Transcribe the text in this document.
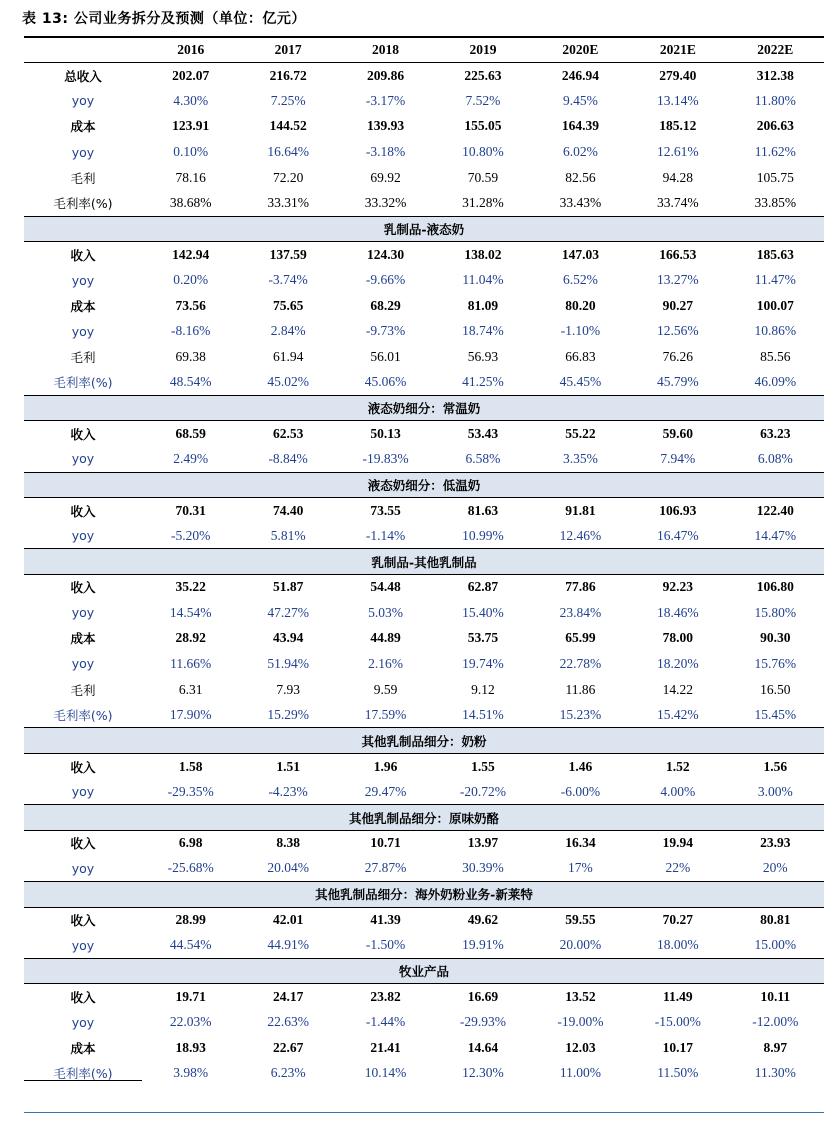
表 13: 公司业务拆分及预测（单位：亿元）
	2016	2017	2018	2019	2020E	2021E	2022E
总收入	202.07	216.72	209.86	225.63	246.94	279.40	312.38
yoy	4.30%	7.25%	-3.17%	7.52%	9.45%	13.14%	11.80%
成本	123.91	144.52	139.93	155.05	164.39	185.12	206.63
yoy	0.10%	16.64%	-3.18%	10.80%	6.02%	12.61%	11.62%
毛利	78.16	72.20	69.92	70.59	82.56	94.28	105.75
毛利率(%)	38.68%	33.31%	33.32%	31.28%	33.43%	33.74%	33.85%
乳制品-液态奶							
收入	142.94	137.59	124.30	138.02	147.03	166.53	185.63
yoy	0.20%	-3.74%	-9.66%	11.04%	6.52%	13.27%	11.47%
成本	73.56	75.65	68.29	81.09	80.20	90.27	100.07
yoy	-8.16%	2.84%	-9.73%	18.74%	-1.10%	12.56%	10.86%
毛利	69.38	61.94	56.01	56.93	66.83	76.26	85.56
毛利率(%)	48.54%	45.02%	45.06%	41.25%	45.45%	45.79%	46.09%
液态奶细分：常温奶							
收入	68.59	62.53	50.13	53.43	55.22	59.60	63.23
yoy	2.49%	-8.84%	-19.83%	6.58%	3.35%	7.94%	6.08%
液态奶细分：低温奶							
收入	70.31	74.40	73.55	81.63	91.81	106.93	122.40
yoy	-5.20%	5.81%	-1.14%	10.99%	12.46%	16.47%	14.47%
乳制品-其他乳制品							
收入	35.22	51.87	54.48	62.87	77.86	92.23	106.80
yoy	14.54%	47.27%	5.03%	15.40%	23.84%	18.46%	15.80%
成本	28.92	43.94	44.89	53.75	65.99	78.00	90.30
yoy	11.66%	51.94%	2.16%	19.74%	22.78%	18.20%	15.76%
毛利	6.31	7.93	9.59	9.12	11.86	14.22	16.50
毛利率(%)	17.90%	15.29%	17.59%	14.51%	15.23%	15.42%	15.45%
其他乳制品细分：奶粉							
收入	1.58	1.51	1.96	1.55	1.46	1.52	1.56
yoy	-29.35%	-4.23%	29.47%	-20.72%	-6.00%	4.00%	3.00%
其他乳制品细分：原味奶酪							
收入	6.98	8.38	10.71	13.97	16.34	19.94	23.93
yoy	-25.68%	20.04%	27.87%	30.39%	17%	22%	20%
其他乳制品细分：海外奶粉业务-新莱特							
收入	28.99	42.01	41.39	49.62	59.55	70.27	80.81
yoy	44.54%	44.91%	-1.50%	19.91%	20.00%	18.00%	15.00%
牧业产品							
收入	19.71	24.17	23.82	16.69	13.52	11.49	10.11
yoy	22.03%	22.63%	-1.44%	-29.93%	-19.00%	-15.00%	-12.00%
成本	18.93	22.67	21.41	14.64	12.03	10.17	8.97
毛利率(%)	3.98%	6.23%	10.14%	12.30%	11.00%	11.50%	11.30%
